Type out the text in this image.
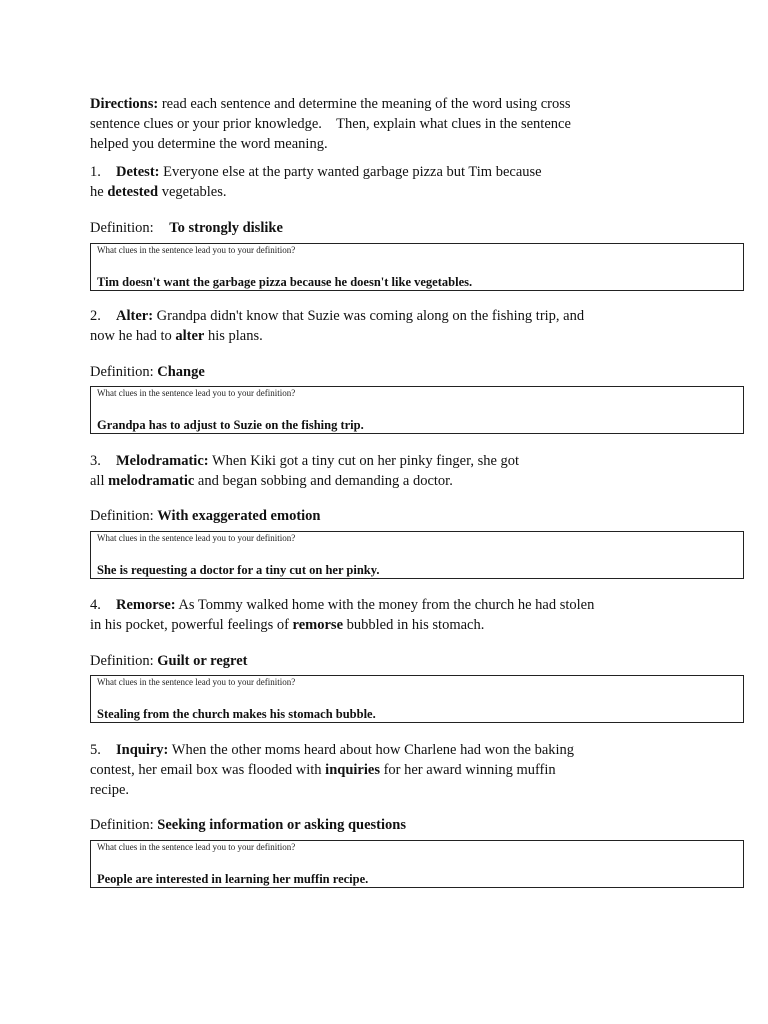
Directions: read each sentence and determine the meaning of the word using cross
sentence clues or your prior knowledge.    Then, explain what clues in the sentence
helped you determine the word meaning.
1. Detest: Everyone else at the party wanted garbage pizza but Tim because
he detested vegetables.
Definition: To strongly dislike
What clues in the sentence lead you to your definition?
Tim doesn't want the garbage pizza because he doesn't like vegetables.
2. Alter: Grandpa didn't know that Suzie was coming along on the fishing trip, and
now he had to alter his plans.
Definition: Change
What clues in the sentence lead you to your definition?
Grandpa has to adjust to Suzie on the fishing trip.
3. Melodramatic: When Kiki got a tiny cut on her pinky finger, she got
all melodramatic and began sobbing and demanding a doctor.
Definition: With exaggerated emotion
What clues in the sentence lead you to your definition?
She is requesting a doctor for a tiny cut on her pinky.
4. Remorse: As Tommy walked home with the money from the church he had stolen
in his pocket, powerful feelings of remorse bubbled in his stomach.
Definition: Guilt or regret
What clues in the sentence lead you to your definition?
Stealing from the church makes his stomach bubble.
5. Inquiry: When the other moms heard about how Charlene had won the baking
contest, her email box was flooded with inquiries for her award winning muffin
recipe.
Definition: Seeking information or asking questions
What clues in the sentence lead you to your definition?
People are interested in learning her muffin recipe.
